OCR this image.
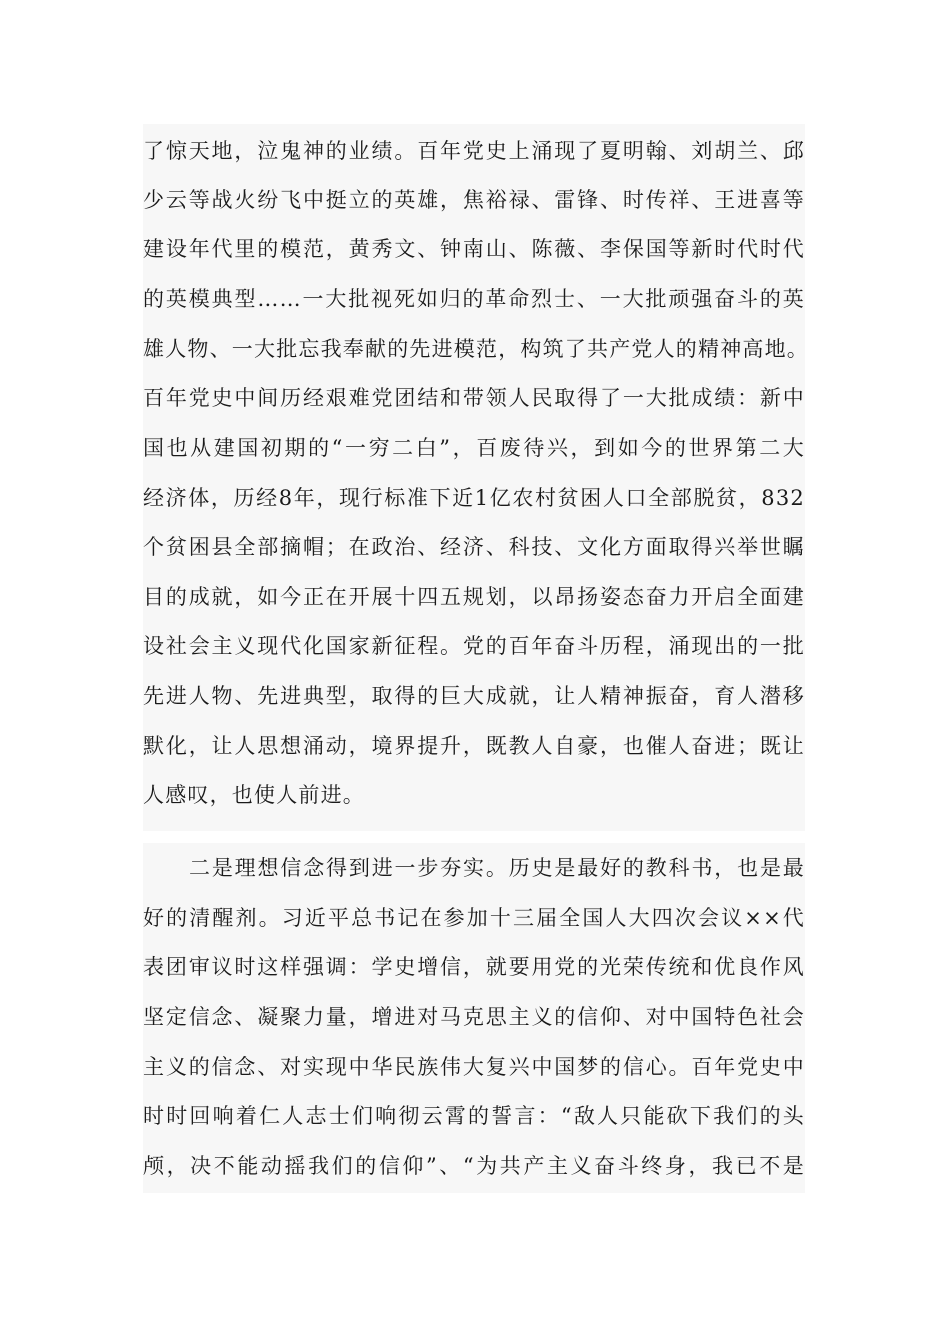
了惊天地，泣鬼神的业绩。百年党史上涌现了夏明翰、刘胡兰、邱
少云等战火纷飞中挺立的英雄，焦裕禄、雷锋、时传祥、王进喜等
建设年代里的模范，黄秀文、钟南山、陈薇、李保国等新时代时代
的英模典型……一大批视死如归的革命烈士、一大批顽强奋斗的英
雄人物、一大批忘我奉献的先进模范，构筑了共产党人的精神高地。
百年党史中间历经艰难党团结和带领人民取得了一大批成绩：新中
国也从建国初期的“一穷二白”，百废待兴，到如今的世界第二大
经济体，历经8年，现行标准下近1亿农村贫困人口全部脱贫，832
个贫困县全部摘帽；在政治、经济、科技、文化方面取得兴举世瞩
目的成就，如今正在开展十四五规划，以昂扬姿态奋力开启全面建
设社会主义现代化国家新征程。党的百年奋斗历程，涌现出的一批
先进人物、先进典型，取得的巨大成就，让人精神振奋，育人潜移
默化，让人思想涌动，境界提升，既教人自豪，也催人奋进；既让
人感叹，也使人前进。
二是理想信念得到进一步夯实。历史是最好的教科书，也是最
好的清醒剂。习近平总书记在参加十三届全国人大四次会议××代
表团审议时这样强调：学史增信，就要用党的光荣传统和优良作风
坚定信念、凝聚力量，增进对马克思主义的信仰、对中国特色社会
主义的信念、对实现中华民族伟大复兴中国梦的信心。百年党史中
时时回响着仁人志士们响彻云霄的誓言：“敌人只能砍下我们的头
颅，决不能动摇我们的信仰”、“为共产主义奋斗终身，我已不是
